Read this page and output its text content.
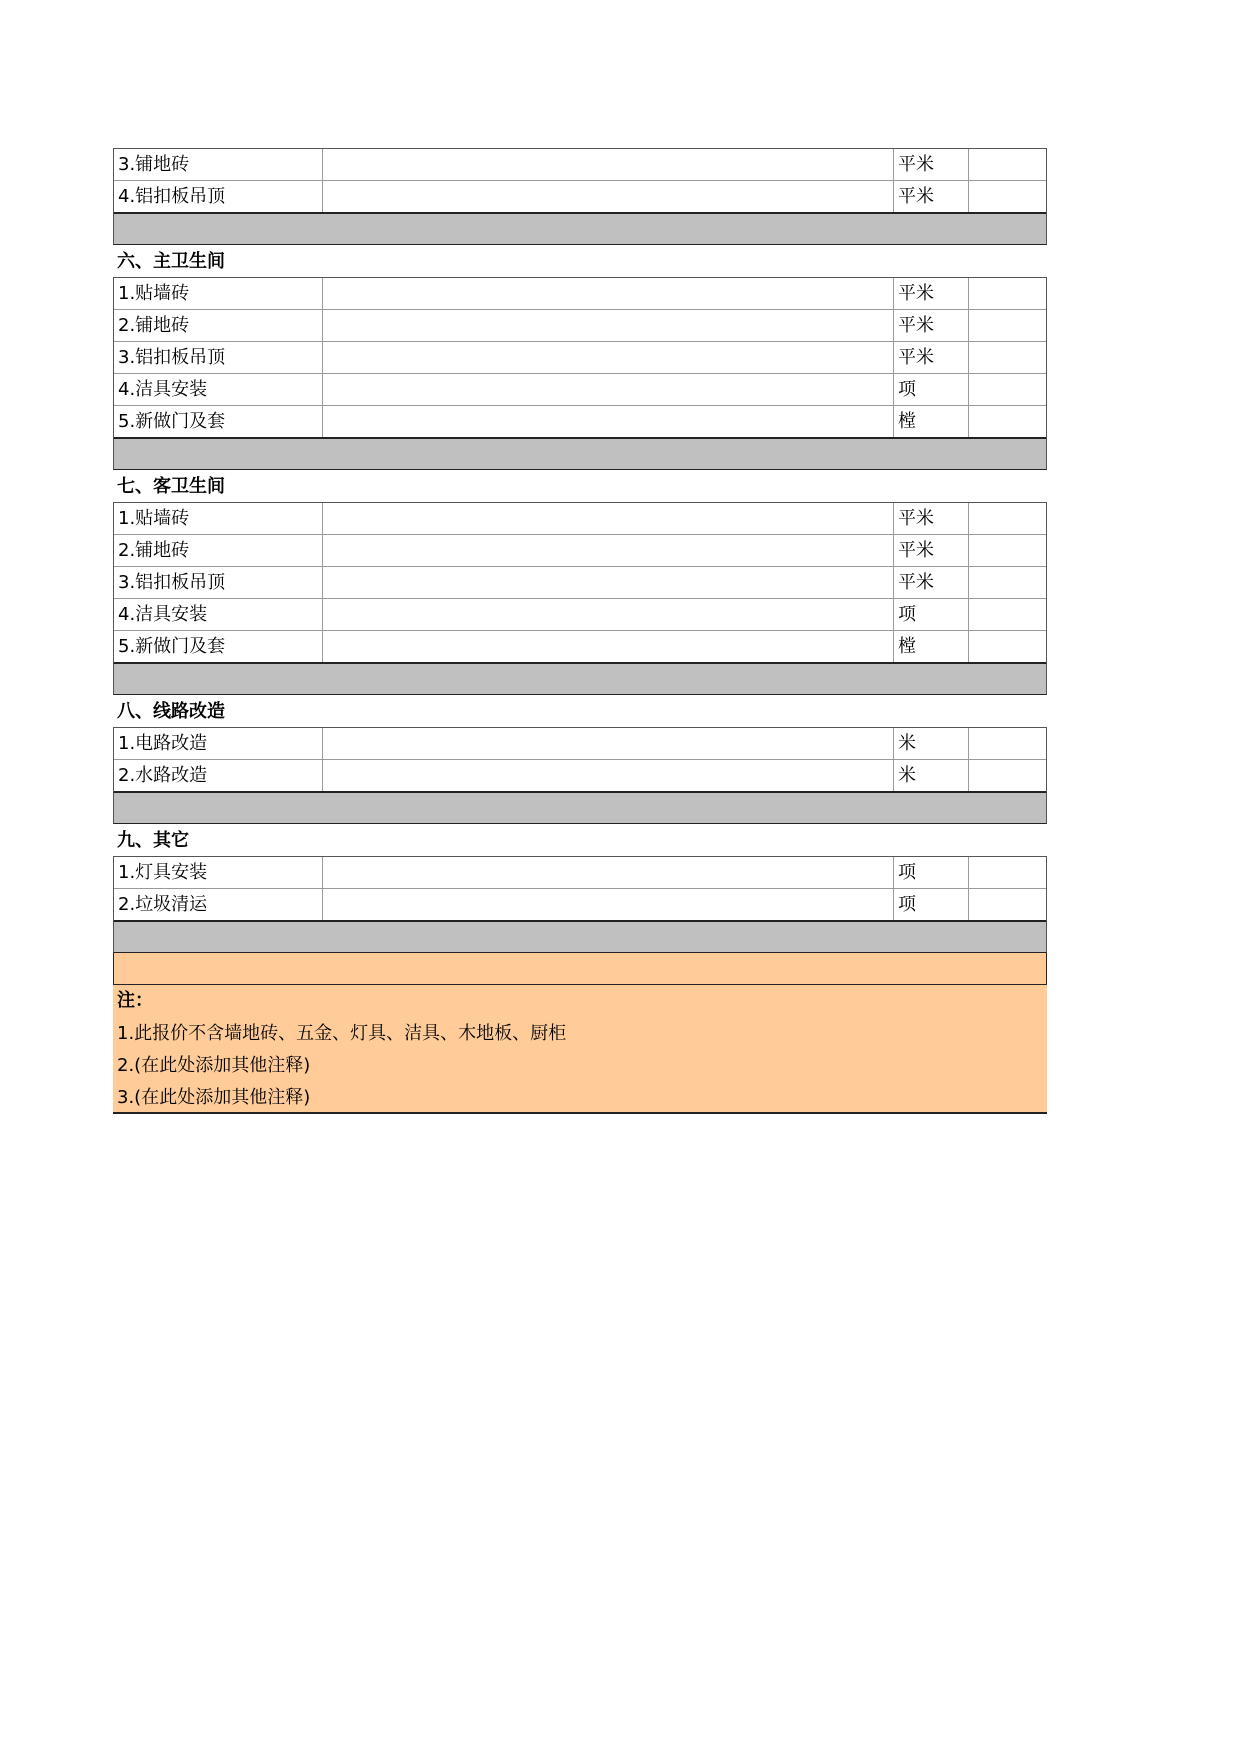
3.铺地砖	平米
4.铝扣板吊顶	平米
六、主卫生间
1.贴墙砖	平米
2.铺地砖	平米
3.铝扣板吊顶	平米
4.洁具安装	项
5.新做门及套	樘
七、客卫生间
1.贴墙砖	平米
2.铺地砖	平米
3.铝扣板吊顶	平米
4.洁具安装	项
5.新做门及套	樘
八、线路改造
1.电路改造	米
2.水路改造	米
九、其它
1.灯具安装	项
2.垃圾清运	项
注：
1.此报价不含墙地砖、五金、灯具、洁具、木地板、厨柜
2.(在此处添加其他注释)
3.(在此处添加其他注释)
